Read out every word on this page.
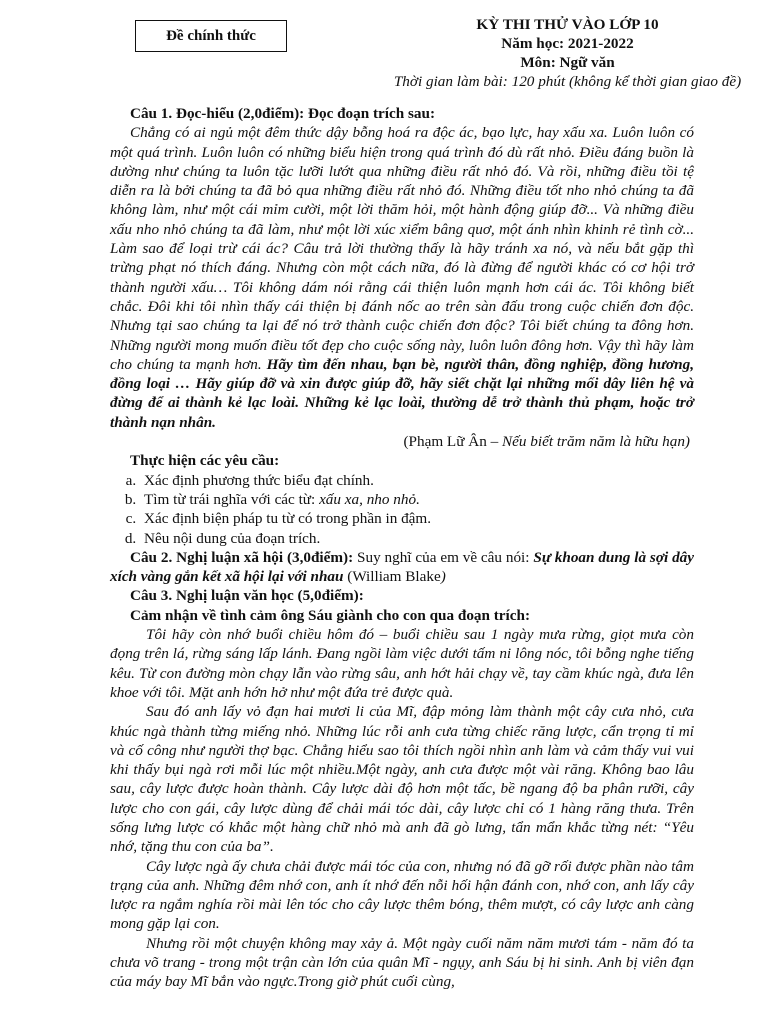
Đề chính thức
KỲ THI THỬ VÀO LỚP 10
Năm học: 2021-2022
Môn: Ngữ văn
Thời gian làm bài: 120 phút (không kể thời gian giao đề)

Câu 1. Đọc-hiểu (2,0điểm): Đọc đoạn trích sau:

Chẳng có ai ngủ một đêm thức dậy bỗng hoá ra độc ác, bạo lực, hay xấu xa. Luôn luôn có một quá trình. Luôn luôn có những biểu hiện trong quá trình đó dù rất nhỏ. Điều đáng buồn là dường như chúng ta luôn tặc lưỡi lướt qua những điều rất nhỏ đó. Và rồi, những điều tồi tệ diễn ra là bởi chúng ta đã bỏ qua những điều rất nhỏ đó. Những điều tốt nho nhỏ chúng ta đã không làm, như một cái mỉm cười, một lời thăm hỏi, một hành động giúp đỡ... Và những điều xấu nho nhỏ chúng ta đã làm, như một lời xúc xiểm bâng quơ, một ánh nhìn khinh rẻ tình cờ... Làm sao để loại trừ cái ác? Câu trả lời thường thấy là hãy tránh xa nó, và nếu bắt gặp thì trừng phạt nó thích đáng. Nhưng còn một cách nữa, đó là đừng để người khác có cơ hội trở thành người xấu… Tôi không dám nói rằng cái thiện luôn mạnh hơn cái ác. Tôi không biết chắc. Đôi khi tôi nhìn thấy cái thiện bị đánh nốc ao trên sàn đấu trong cuộc chiến đơn độc. Nhưng tại sao chúng ta lại để nó trở thành cuộc chiến đơn độc? Tôi biết chúng ta đông hơn. Những người mong muốn điều tốt đẹp cho cuộc sống này, luôn luôn đông hơn. Vậy thì hãy làm cho chúng ta mạnh hơn. Hãy tìm đến nhau, bạn bè, người thân, đồng nghiệp, đồng hương, đồng loại … Hãy giúp đỡ và xin được giúp đỡ, hãy siết chặt lại những mối dây liên hệ và đừng để ai thành kẻ lạc loài. Những kẻ lạc loài, thường dễ trở thành thủ phạm, hoặc trở thành nạn nhân.

(Phạm Lữ Ân – Nếu biết trăm năm là hữu hạn)

Thực hiện các yêu cầu:

a. Xác định phương thức biểu đạt chính.
b. Tìm từ trái nghĩa với các từ: xấu xa, nho nhỏ.
c. Xác định biện pháp tu từ có trong phần in đậm.
d. Nêu nội dung của đoạn trích.

Câu 2. Nghị luận xã hội (3,0điểm): Suy nghĩ của em về câu nói: Sự khoan dung là sợi dây xích vàng gắn kết xã hội lại với nhau (William Blake)

Câu 3. Nghị luận văn học (5,0điểm):

Cảm nhận về tình cảm ông Sáu giành cho con qua đoạn trích:

Tôi hãy còn nhớ buổi chiều hôm đó – buổi chiều sau 1 ngày mưa rừng, giọt mưa còn đọng trên lá, rừng sáng lấp lánh. Đang ngồi làm việc dưới tấm ni lông nóc, tôi bỗng nghe tiếng kêu. Từ con đường mòn chạy lẫn vào rừng sâu, anh hớt hải chạy về, tay cầm khúc ngà, đưa lên khoe với tôi. Mặt anh hớn hở như một đứa trẻ được quà.

Sau đó anh lấy vỏ đạn hai mươi li của Mĩ, đập mỏng làm thành một cây cưa nhỏ, cưa khúc ngà thành từng miếng nhỏ. Những lúc rỗi anh cưa từng chiếc răng lược, cẩn trọng tỉ mỉ và cố công như người thợ bạc. Chẳng hiểu sao tôi thích ngồi nhìn anh làm và cảm thấy vui vui khi thấy bụi ngà rơi mỗi lúc một nhiều.Một ngày, anh cưa được một vài răng. Không bao lâu sau, cây lược được hoàn thành. Cây lược dài độ hơn một tấc, bề ngang độ ba phân rưỡi, cây lược cho con gái, cây lược dùng để chải mái tóc dài, cây lược chỉ có 1 hàng răng thưa. Trên sống lưng lược có khắc một hàng chữ nhỏ mà anh đã gò lưng, tẩn mẩn khắc từng nét: “Yêu nhớ, tặng thu con của ba”.

Cây lược ngà ấy chưa chải được mái tóc của con, nhưng nó đã gỡ rối được phần nào tâm trạng của anh. Những đêm nhớ con, anh ít nhớ đến nỗi hối hận đánh con, nhớ con, anh lấy cây lược ra ngắm nghía rồi mài lên tóc cho cây lược thêm bóng, thêm mượt, có cây lược anh càng mong gặp lại con.

Nhưng rồi một chuyện không may xảy ả. Một ngày cuối năm năm mươi tám - năm đó ta chưa võ trang - trong một trận càn lớn của quân Mĩ - ngụy, anh Sáu bị hi sinh. Anh bị viên đạn của máy bay Mĩ bắn vào ngực.Trong giờ phút cuối cùng,
